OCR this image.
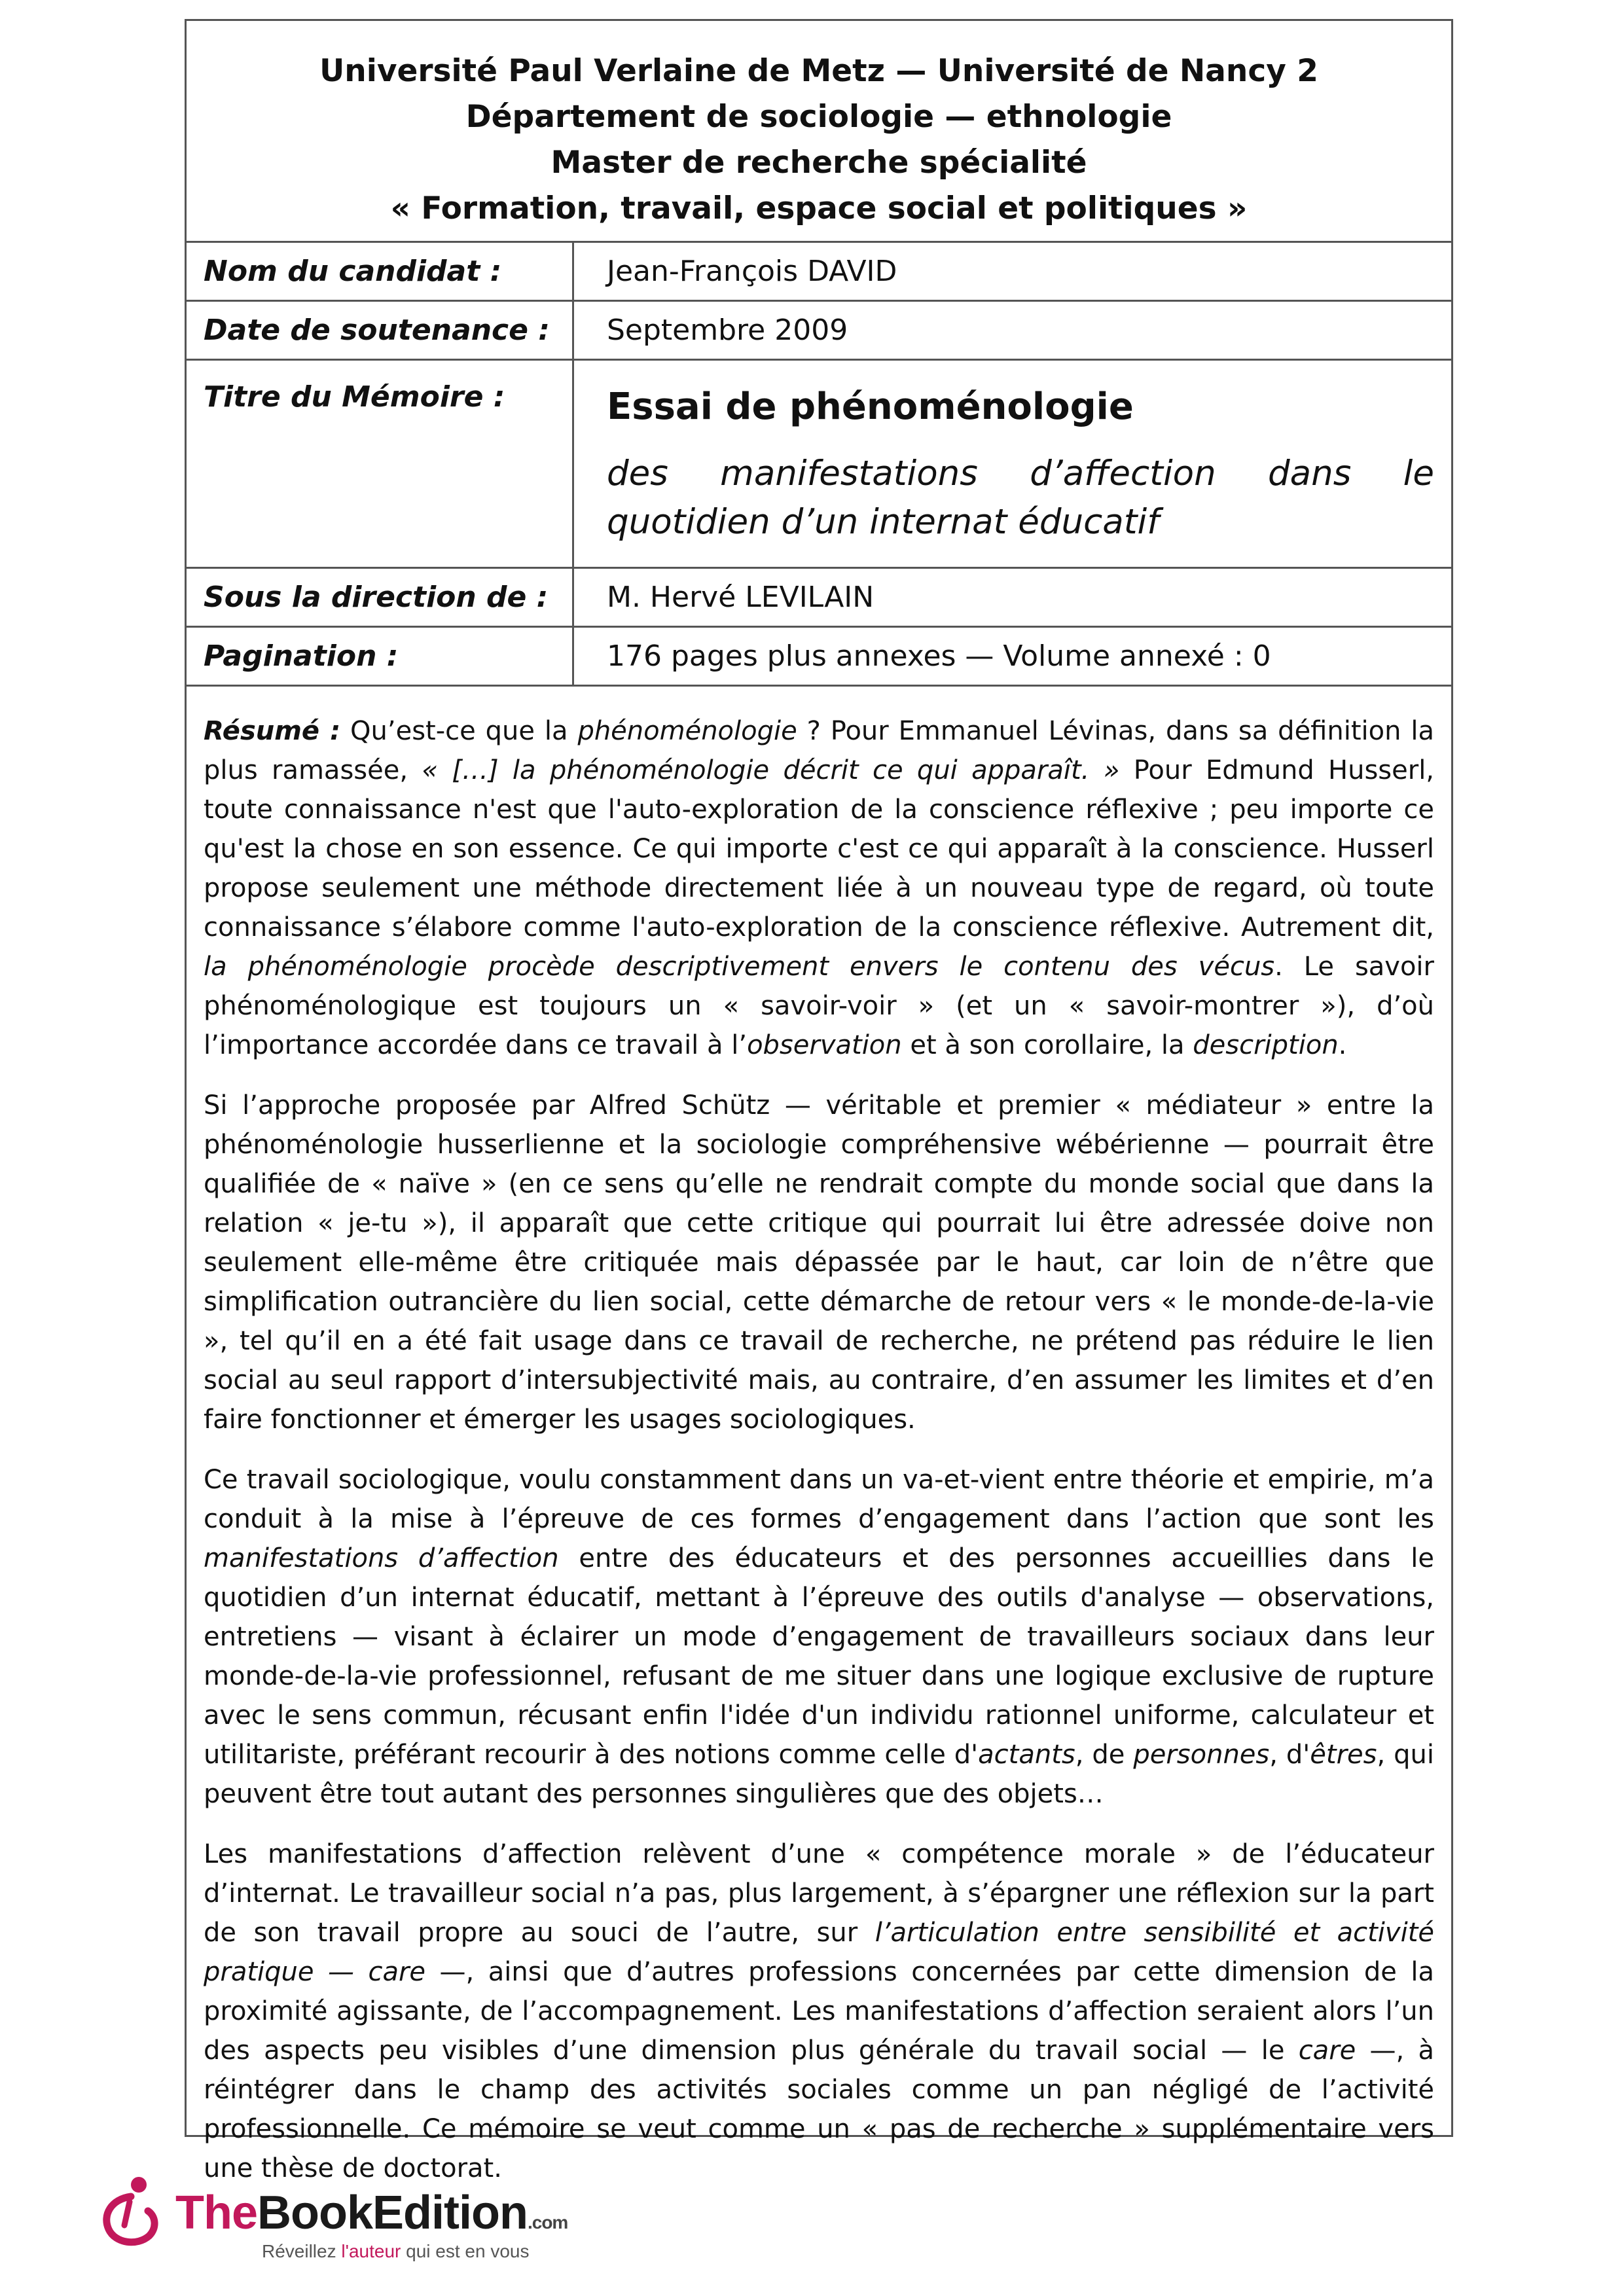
Université Paul Verlaine de Metz — Université de Nancy 2
Département de sociologie — ethnologie
Master de recherche spécialité
« Formation, travail, espace social et politiques »
Nom du candidat :	Jean-François DAVID
Date de soutenance :	Septembre 2009
Titre du Mémoire :	Essai de phénoménologie
des manifestations d’affection dans le quotidien d’un internat éducatif
Sous la direction de :	M. Hervé LEVILAIN
Pagination :	176 pages plus annexes — Volume annexé : 0

Résumé : Qu’est-ce que la phénoménologie ? Pour Emmanuel Lévinas, dans sa définition la plus ramassée, « […] la phénoménologie décrit ce qui apparaît. » Pour Edmund Husserl, toute connaissance n'est que l'auto-exploration de la conscience réflexive ; peu importe ce qu'est la chose en son essence. Ce qui importe c'est ce qui apparaît à la conscience. Husserl propose seulement une méthode directement liée à un nouveau type de regard, où toute connaissance s’élabore comme l'auto-exploration de la conscience réflexive. Autrement dit, la phénoménologie procède descriptivement envers le contenu des vécus. Le savoir phénoménologique est toujours un « savoir-voir » (et un « savoir-montrer »), d’où l’importance accordée dans ce travail à l’observation et à son corollaire, la description.

Si l’approche proposée par Alfred Schütz — véritable et premier « médiateur » entre la phénoménologie husserlienne et la sociologie compréhensive wébérienne — pourrait être qualifiée de « naïve » (en ce sens qu’elle ne rendrait compte du monde social que dans la relation « je-tu »), il apparaît que cette critique qui pourrait lui être adressée doive non seulement elle-même être critiquée mais dépassée par le haut, car loin de n’être que simplification outrancière du lien social, cette démarche de retour vers « le monde-de-la-vie », tel qu’il en a été fait usage dans ce travail de recherche, ne prétend pas réduire le lien social au seul rapport d’intersubjectivité mais, au contraire, d’en assumer les limites et d’en faire fonctionner et émerger les usages sociologiques.

Ce travail sociologique, voulu constamment dans un va-et-vient entre théorie et empirie, m’a conduit à la mise à l’épreuve de ces formes d’engagement dans l’action que sont les manifestations d’affection entre des éducateurs et des personnes accueillies dans le quotidien d’un internat éducatif, mettant à l’épreuve des outils d'analyse — observations, entretiens — visant à éclairer un mode d’engagement de travailleurs sociaux dans leur monde-de-la-vie professionnel, refusant de me situer dans une logique exclusive de rupture avec le sens commun, récusant enfin l'idée d'un individu rationnel uniforme, calculateur et utilitariste, préférant recourir à des notions comme celle d'actants, de personnes, d'êtres, qui peuvent être tout autant des personnes singulières que des objets…

Les manifestations d’affection relèvent d’une « compétence morale » de l’éducateur d’internat. Le travailleur social n’a pas, plus largement, à s’épargner une réflexion sur la part de son travail propre au souci de l’autre, sur l’articulation entre sensibilité et activité pratique — care —, ainsi que d’autres professions concernées par cette dimension de la proximité agissante, de l’accompagnement. Les manifestations d’affection seraient alors l’un des aspects peu visibles d’une dimension plus générale du travail social — le care —, à réintégrer dans le champ des activités sociales comme un pan négligé de l’activité professionnelle. Ce mémoire se veut comme un « pas de recherche » supplémentaire vers une thèse de doctorat.

TheBookEdition.com
Réveillez l'auteur qui est en vous
